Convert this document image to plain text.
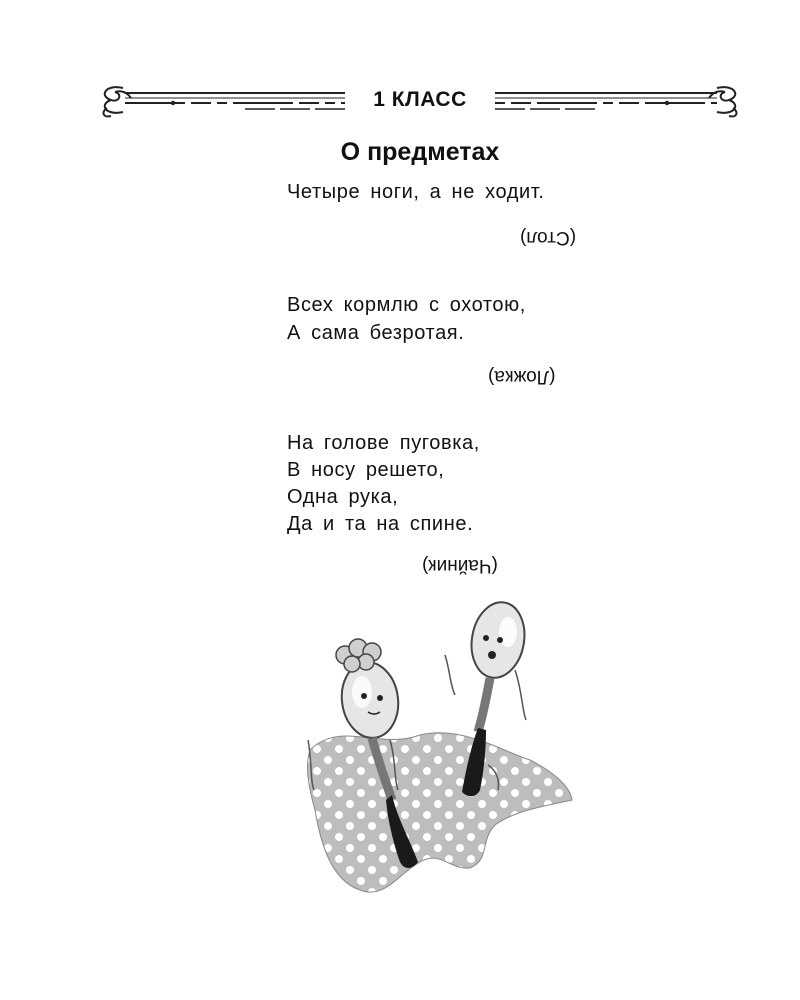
1 КЛАСС
О предметах
Четыре ноги, а не ходит.
(Стол)
Всех кормлю с охотою,
А сама безротая.
(Ложка)
На голове пуговка,
В носу решето,
Одна рука,
Да и та на спине.
(Чайник)
